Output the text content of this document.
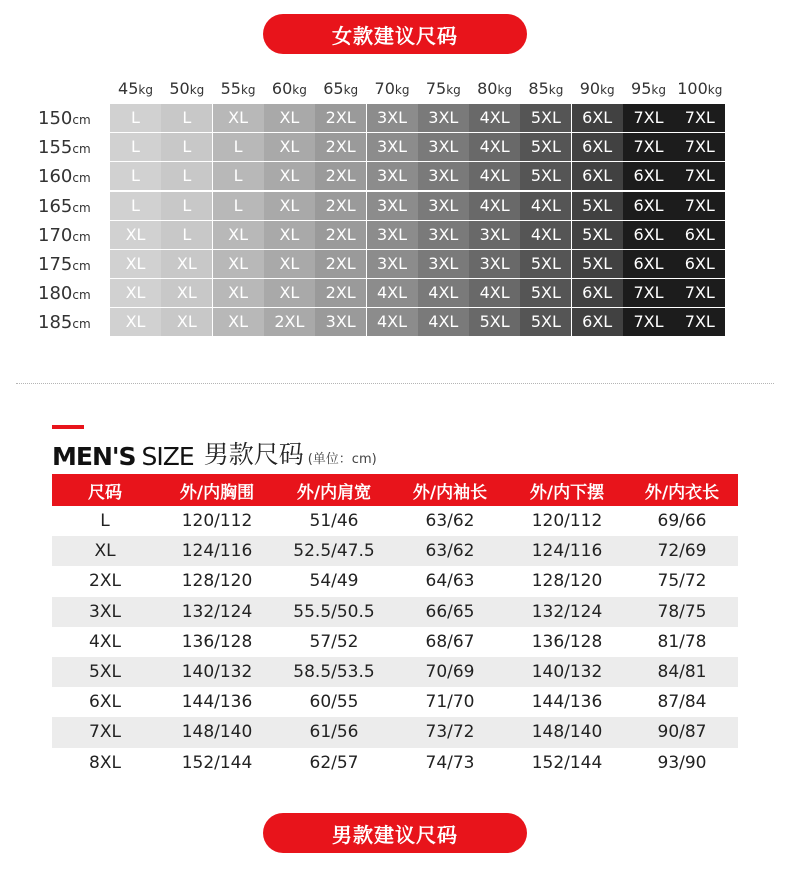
女款建议尺码
45kg	50kg	55kg	60kg	65kg	70kg	75kg	80kg	85kg	90kg	95kg 100kg
150cm	L	L	XL	XL	2XL	3XL	3XL	4XL	5XL	6XL	7XL	7XL
155cm	L	L	L	XL	2XL	3XL	3XL	4XL	5XL	6XL	7XL	7XL
160cm	L	L	L	XL	2XL	3XL	3XL	4XL	5XL	6XL	6XL	7XL
165cm	L	L	L	XL	2XL	3XL	3XL	4XL	4XL	5XL	6XL	7XL
170cm	XL	L	XL	XL	2XL	3XL	3XL	3XL	4XL	5XL	6XL	6XL
175cm	XL	XL	XL	XL	2XL	3XL	3XL	3XL	5XL	5XL	6XL	6XL
180cm	XL	XL	XL	XL	2XL	4XL	4XL	4XL	5XL	6XL	7XL	7XL
185cm	XL	XL	XL	2XL	3XL	4XL	4XL	5XL	5XL	6XL	7XL	7XL
MEN'S SIZE 男款尺码 (单位：cm)
尺码	外/内胸围	外/内肩宽	外/内袖长	外/内下摆	外/内衣长
L	120/112	51/46	63/62	120/112	69/66
XL	124/116	52.5/47.5	63/62	124/116	72/69
2XL	128/120	54/49	64/63	128/120	75/72
3XL	132/124	55.5/50.5	66/65	132/124	78/75
4XL	136/128	57/52	68/67	136/128	81/78
5XL	140/132	58.5/53.5	70/69	140/132	84/81
6XL	144/136	60/55	71/70	144/136	87/84
7XL	148/140	61/56	73/72	148/140	90/87
8XL	152/144	62/57	74/73	152/144	93/90
男款建议尺码
